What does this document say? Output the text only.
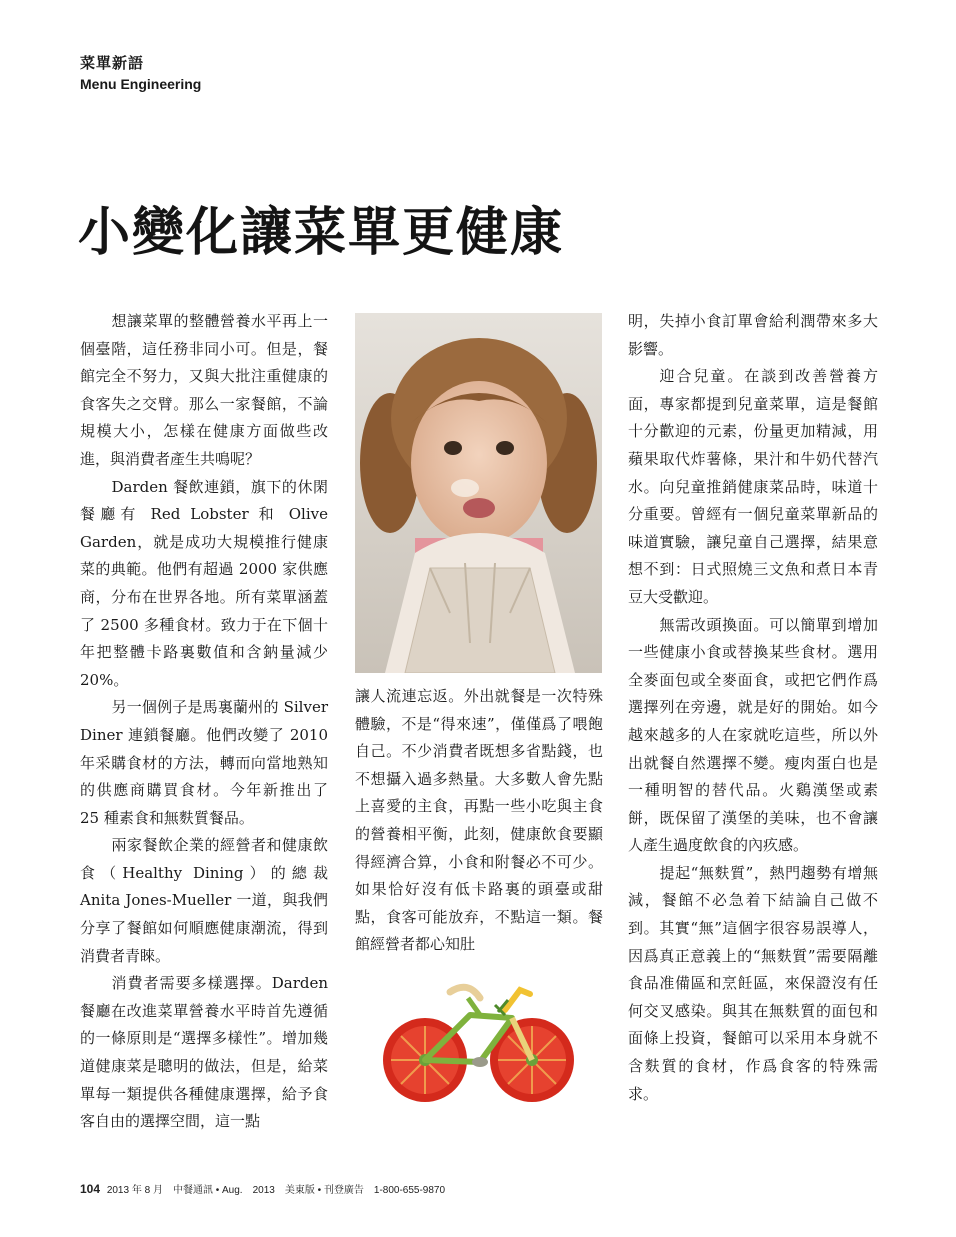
菜單新語
Menu Engineering
小變化讓菜單更健康

想讓菜單的整體營養水平再上一個臺階，這任務非同小可。但是，餐館完全不努力，又與大批注重健康的食客失之交臂。那么一家餐館，不論規模大小，怎樣在健康方面做些改進，與消費者產生共鳴呢？

Darden 餐飲連鎖，旗下的休閑餐廳有 Red Lobster 和 Olive Garden，就是成功大規模推行健康菜的典範。他們有超過 2000 家供應商，分布在世界各地。所有菜單涵蓋了 2500 多種食材。致力于在下個十年把整體卡路裏數值和含鈉量減少 20%。

另一個例子是馬裏蘭州的 Silver Diner 連鎖餐廳。他們改變了 2010 年采購食材的方法，轉而向當地熟知的供應商購買食材。今年新推出了 25 種素食和無麩質餐品。

兩家餐飲企業的經營者和健康飲食（Healthy Dining）的總裁 Anita Jones-Mueller 一道，與我們分享了餐館如何順應健康潮流，得到消費者青睞。

消費者需要多樣選擇。Darden 餐廳在改進菜單營養水平時首先遵循的一條原則是“選擇多樣性”。增加幾道健康菜是聰明的做法，但是，給菜單每一類提供各種健康選擇，給予食客自由的選擇空間，這一點

讓人流連忘返。外出就餐是一次特殊體驗，不是“得來速”，僅僅爲了喂飽自己。不少消費者既想多省點錢，也不想攝入過多熱量。大多數人會先點上喜愛的主食，再點一些小吃與主食的營養相平衡，此刻，健康飲食要顯得經濟合算，小食和附餐必不可少。如果恰好沒有低卡路裏的頭臺或甜點，食客可能放弃，不點這一類。餐館經營者都心知肚

明，失掉小食訂單會給利潤帶來多大影響。

迎合兒童。在談到改善營養方面，專家都提到兒童菜單，這是餐館十分歡迎的元素，份量更加精減，用蘋果取代炸薯條，果汁和牛奶代替汽水。向兒童推銷健康菜品時，味道十分重要。曾經有一個兒童菜單新品的味道實驗，讓兒童自己選擇，結果意想不到：日式照燒三文魚和煮日本青豆大受歡迎。

無需改頭換面。可以簡單到增加一些健康小食或替換某些食材。選用全麥面包或全麥面食，或把它們作爲選擇列在旁邊，就是好的開始。如今越來越多的人在家就吃這些，所以外出就餐自然選擇不變。瘦肉蛋白也是一種明智的替代品。火鷄漢堡或素餅，既保留了漢堡的美味，也不會讓人產生過度飲食的內疚感。

提起“無麩質”，熱門趨勢有增無減，餐館不必急着下結論自己做不到。其實“無”這個字很容易誤導人，因爲真正意義上的“無麩質”需要隔離食品准備區和烹飪區，來保證沒有任何交叉感染。與其在無麩質的面包和面條上投資，餐館可以采用本身就不含麩質的食材，作爲食客的特殊需求。

104 2013 年 8 月　中餐通訊 • Aug.　2013　美東版 • 刊登廣告　1-800-655-9870
